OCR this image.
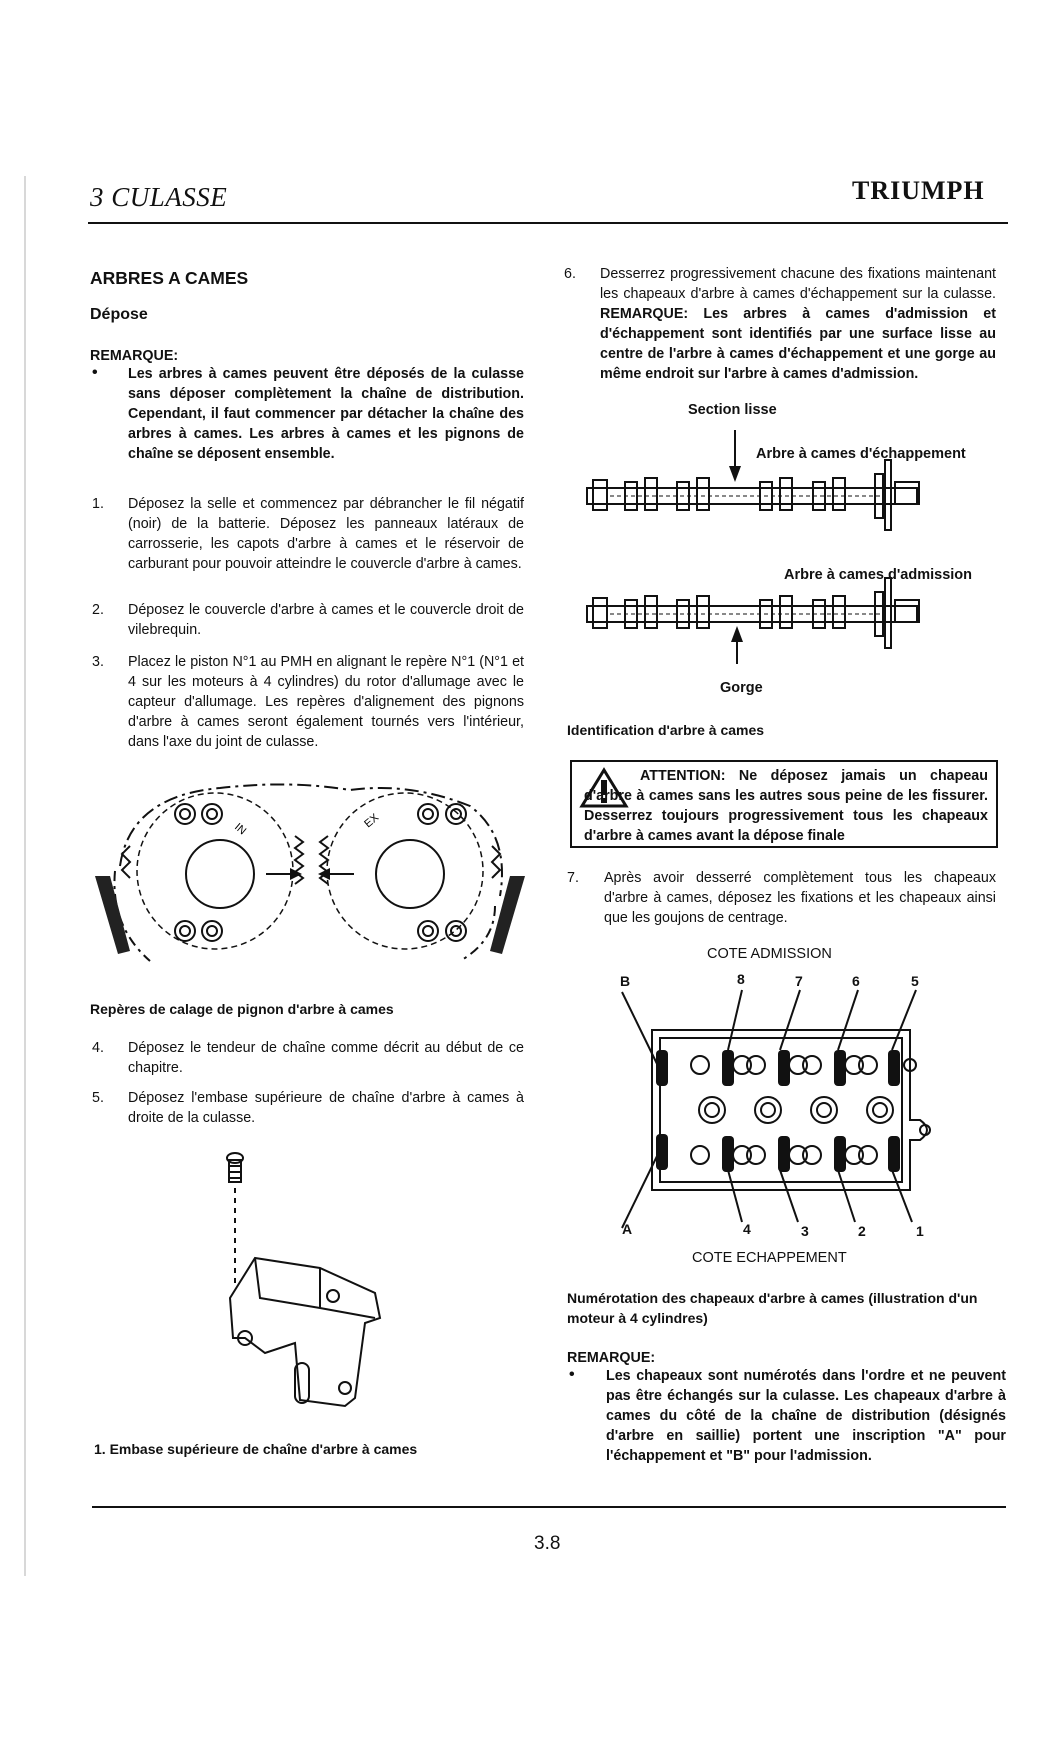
3 CULASSE	TRIUMPH
ARBRES A CAMES
Dépose
REMARQUE:
• Les arbres à cames peuvent être déposés de la culasse sans déposer complètement la chaîne de distribution. Cependant, il faut commencer par détacher la chaîne des arbres à cames. Les arbres à cames et les pignons de chaîne se déposent ensemble.
1. Déposez la selle et commencez par débrancher le fil négatif (noir) de la batterie. Déposez les panneaux latéraux de carrosserie, les capots d'arbre à cames et le réservoir de carburant pour pouvoir atteindre le couvercle d'arbre à cames.
2. Déposez le couvercle d'arbre à cames et le couvercle droit de vilebrequin.
3. Placez le piston N°1 au PMH en alignant le repère N°1 (N°1 et 4 sur les moteurs à 4 cylindres) du rotor d'allumage avec le capteur d'allumage. Les repères d'alignement des pignons d'arbre à cames seront également tournés vers l'intérieur, dans l'axe du joint de culasse.
EX
IN
Repères de calage de pignon d'arbre à cames
4. Déposez le tendeur de chaîne comme décrit au début de ce chapitre.
5. Déposez l'embase supérieure de chaîne d'arbre à cames à droite de la culasse.
1. Embase supérieure de chaîne d'arbre à cames
6. Desserrez progressivement chacune des fixations maintenant les chapeaux d'arbre à cames d'échappement sur la culasse. REMARQUE: Les arbres à cames d'admission et d'échappement sont identifiés par une surface lisse au centre de l'arbre à cames d'échappement et une gorge au même endroit sur l'arbre à cames d'admission.
Section lisse
Arbre à cames d'échappement
Arbre à cames d'admission
Gorge
Identification d'arbre à cames
ATTENTION: Ne déposez jamais un chapeau d'arbre à cames sans les autres sous peine de les fissurer. Desserrez toujours progressivement tous les chapeaux d'arbre à cames avant la dépose finale
7. Après avoir desserré complètement tous les chapeaux d'arbre à cames, déposez les fixations et les chapeaux ainsi que les goujons de centrage.
COTE ADMISSION
B	8	7	6	5
A	4	3	2	1
COTE ECHAPPEMENT
Numérotation des chapeaux d'arbre à cames (illustration d'un moteur à 4 cylindres)
REMARQUE:
• Les chapeaux sont numérotés dans l'ordre et ne peuvent pas être échangés sur la culasse. Les chapeaux d'arbre à cames du côté de la chaîne de distribution (désignés d'arbre en saillie) portent une inscription "A" pour l'échappement et "B" pour l'admission.
3.8
